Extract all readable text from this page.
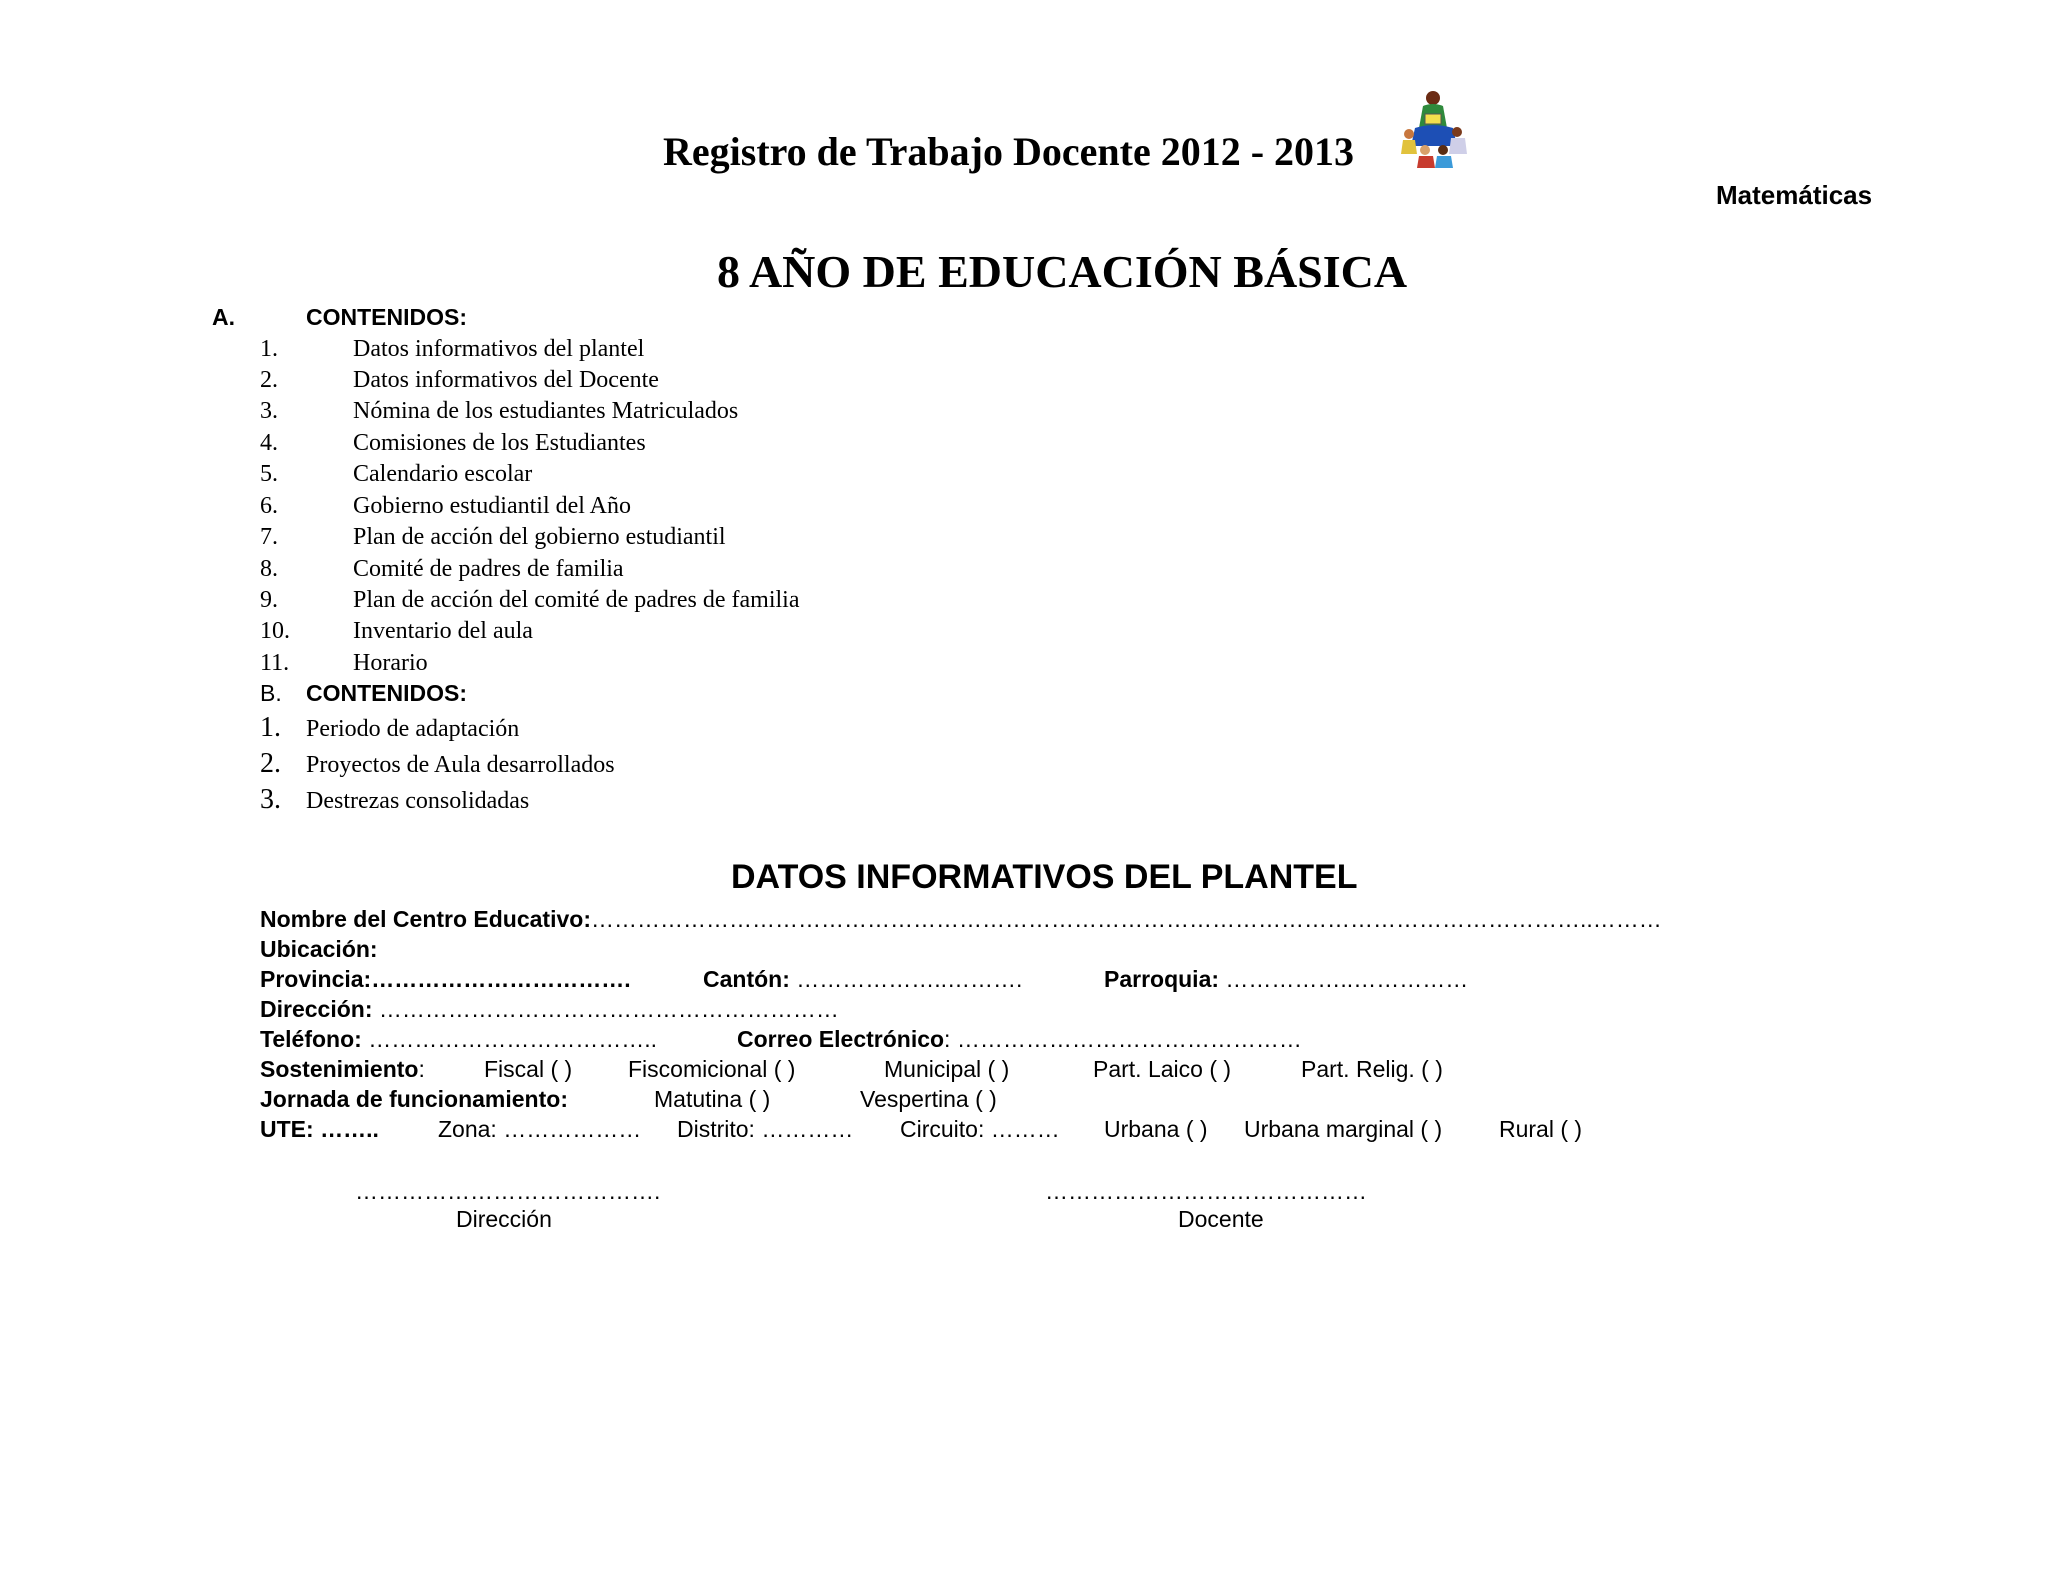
Registro de Trabajo Docente 2012 - 2013
Matemáticas
8 AÑO DE EDUCACIÓN BÁSICA
A.	CONTENIDOS:
1.	Datos informativos del plantel
2.	Datos informativos del Docente
3.	Nómina de los estudiantes Matriculados
4.	Comisiones de los Estudiantes
5.	Calendario escolar
6.	Gobierno estudiantil del Año
7.	Plan de acción del gobierno estudiantil
8.	Comité de padres de familia
9.	Plan de acción del comité de padres de familia
10.	Inventario del aula
11.	Horario
B. CONTENIDOS:
1. Periodo de adaptación
2. Proyectos de Aula desarrollados
3. Destrezas consolidadas
DATOS INFORMATIVOS DEL PLANTEL
Nombre del Centro Educativo:…………………………………………………………………………………………………………………..………
Ubicación:
Provincia:…………………………….	Cantón: ………………..……….	Parroquia: ……………..……………
Dirección: ……………………………………………………
Teléfono: ………………………………..	Correo Electrónico: ………………………………………
Sostenimiento:	Fiscal ( ) Fiscomicional ( )	Municipal ( )	Part. Laico ( )	Part. Relig. ( )
Jornada de funcionamiento:	Matutina ( )	Vespertina ( )
UTE: ……..	Zona: ……………… Distrito: ………… Circuito: ……… Urbana ( ) Urbana marginal ( ) Rural ( )
………………………………….
Dirección
……………………………………
Docente
